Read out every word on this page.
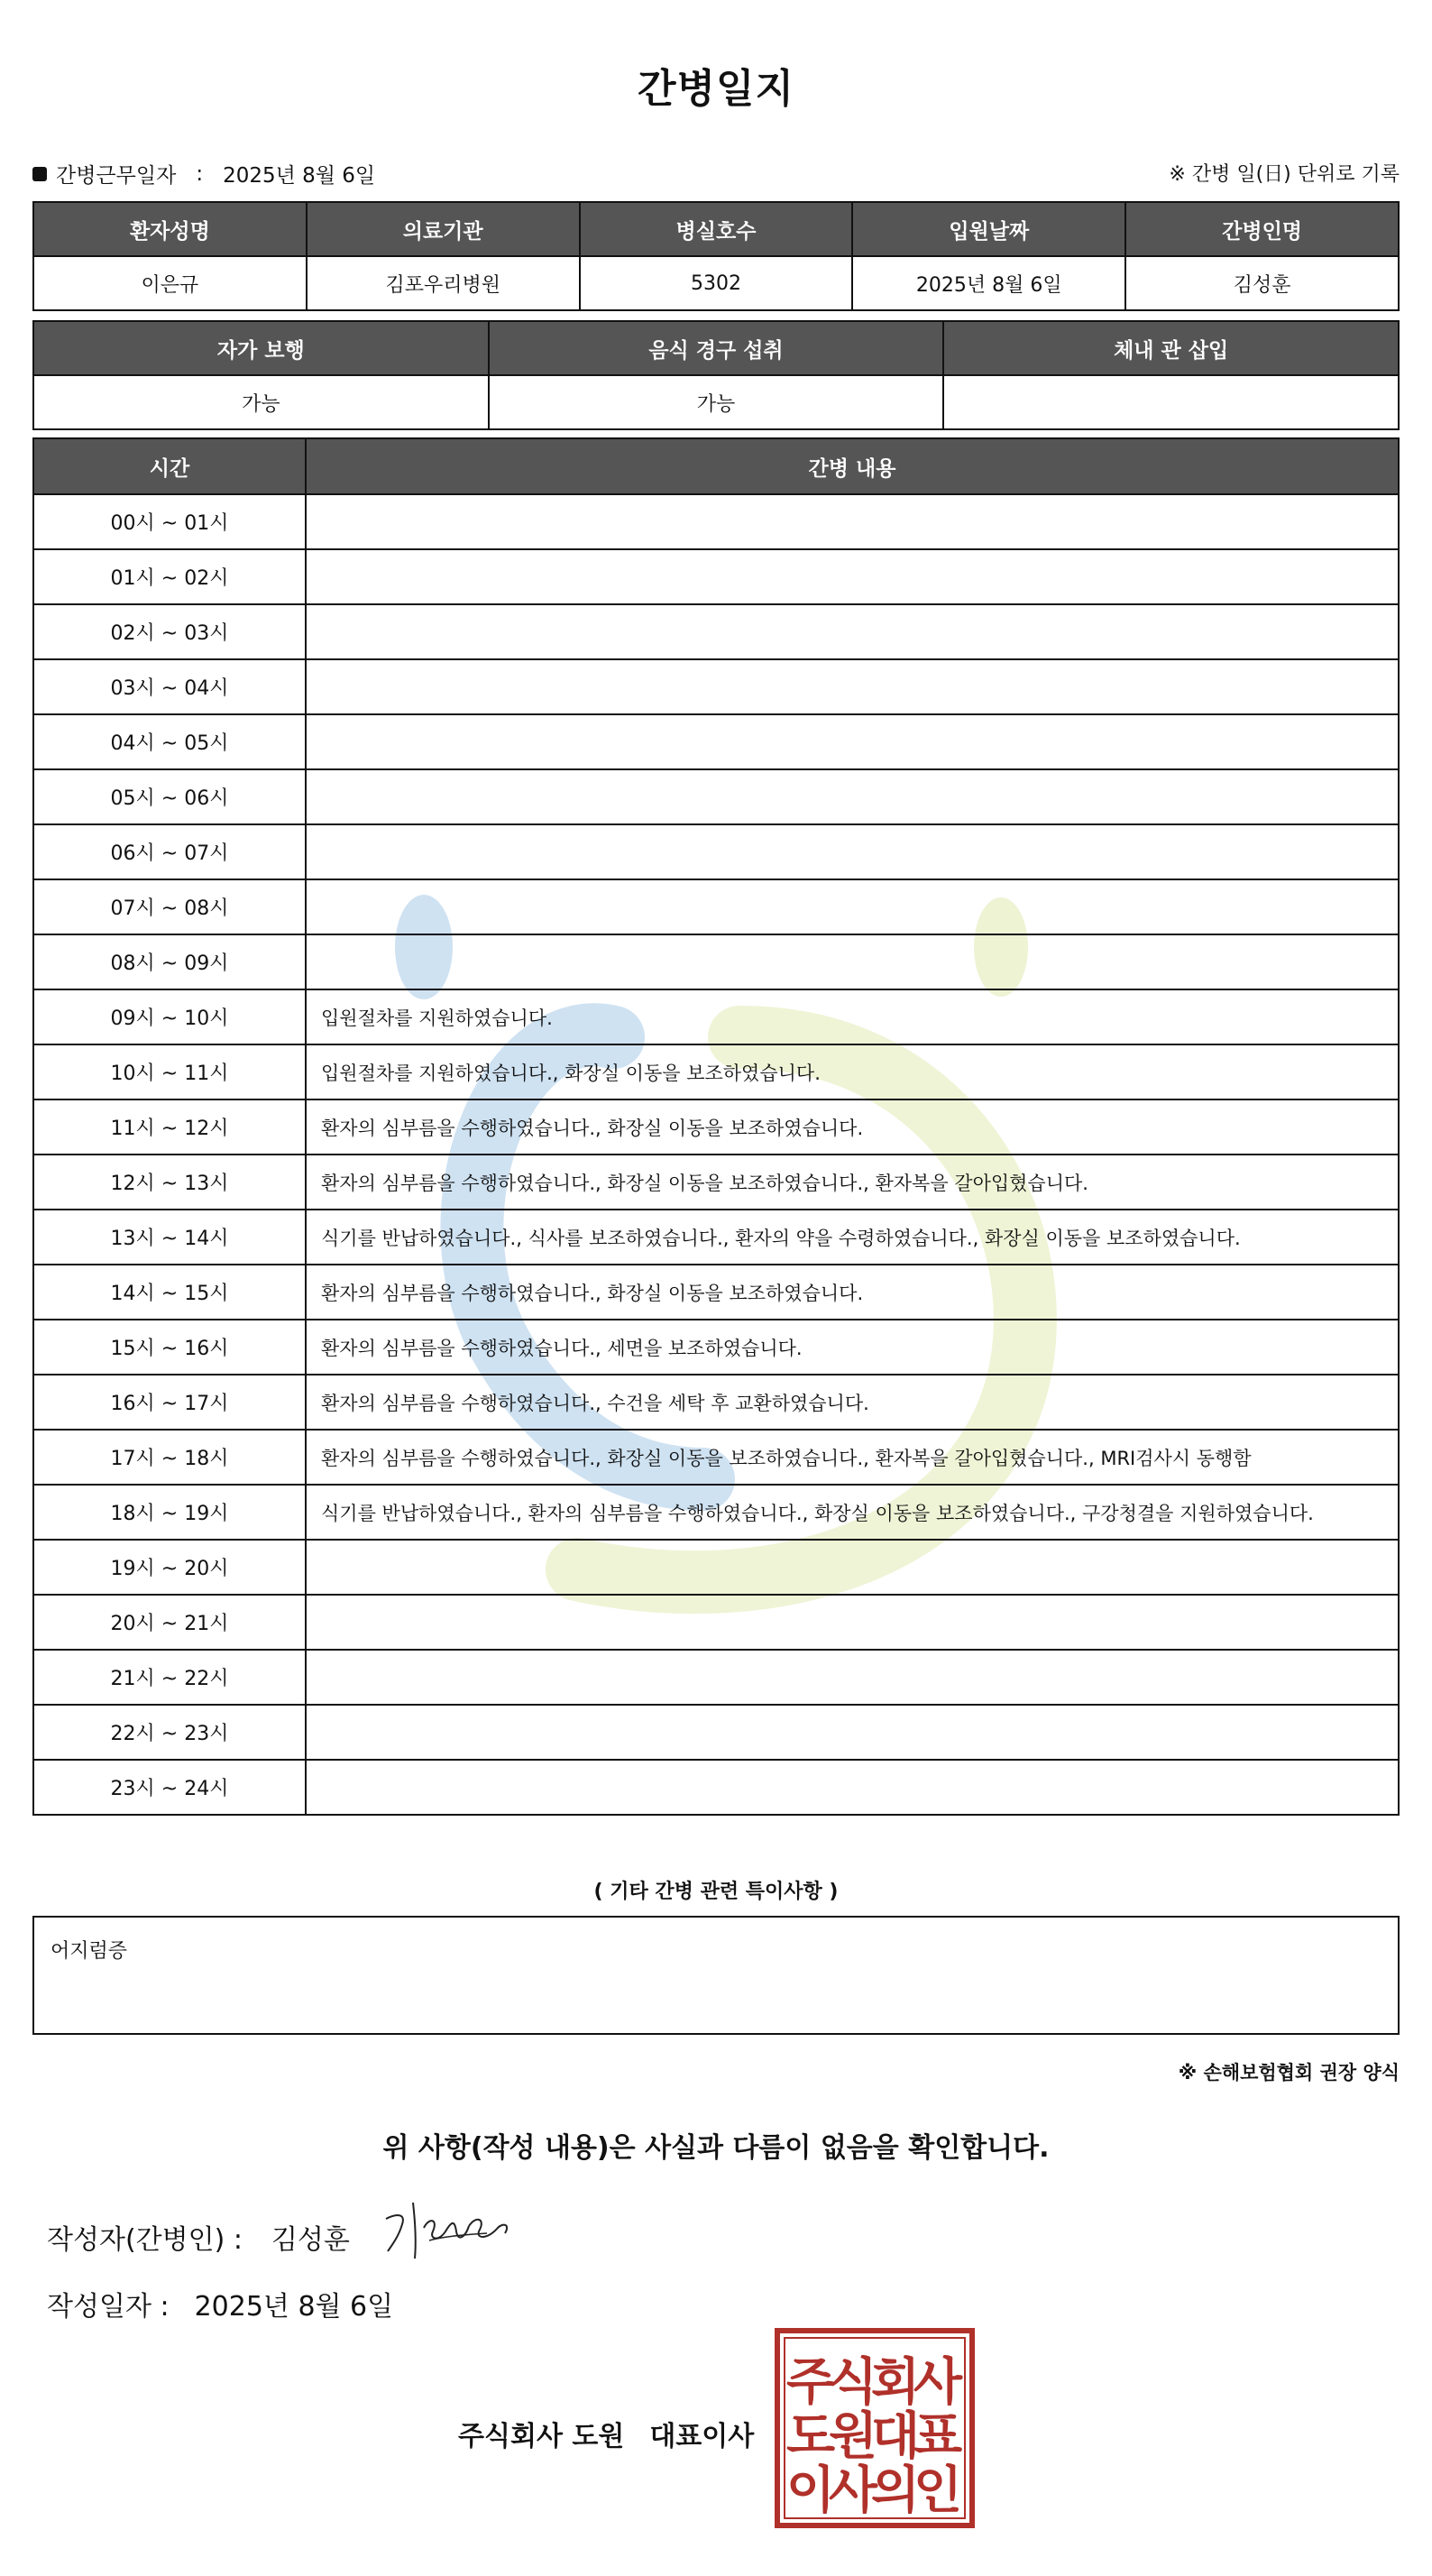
간병일지
간병근무일자 : 2025년 8월 6일	※ 간병 일(日) 단위로 기록
환자성명	의료기관	병실호수	입원날짜	간병인명
이은규	김포우리병원	5302	2025년 8월 6일	김성훈
자가 보행	음식 경구 섭취	체내 관 삽입
가능	가능	
시간	간병 내용
00시 ~ 01시	
01시 ~ 02시	
02시 ~ 03시	
03시 ~ 04시	
04시 ~ 05시	
05시 ~ 06시	
06시 ~ 07시	
07시 ~ 08시	
08시 ~ 09시	
09시 ~ 10시	입원절차를 지원하였습니다.
10시 ~ 11시	입원절차를 지원하였습니다., 화장실 이동을 보조하였습니다.
11시 ~ 12시	환자의 심부름을 수행하였습니다., 화장실 이동을 보조하였습니다.
12시 ~ 13시	환자의 심부름을 수행하였습니다., 화장실 이동을 보조하였습니다., 환자복을 갈아입혔습니다.
13시 ~ 14시	식기를 반납하였습니다., 식사를 보조하였습니다., 환자의 약을 수령하였습니다., 화장실 이동을 보조하였습니다.
14시 ~ 15시	환자의 심부름을 수행하였습니다., 화장실 이동을 보조하였습니다.
15시 ~ 16시	환자의 심부름을 수행하였습니다., 세면을 보조하였습니다.
16시 ~ 17시	환자의 심부름을 수행하였습니다., 수건을 세탁 후 교환하였습니다.
17시 ~ 18시	환자의 심부름을 수행하였습니다., 화장실 이동을 보조하였습니다., 환자복을 갈아입혔습니다., MRI검사시 동행함
18시 ~ 19시	식기를 반납하였습니다., 환자의 심부름을 수행하였습니다., 화장실 이동을 보조하였습니다., 구강청결을 지원하였습니다.
19시 ~ 20시	
20시 ~ 21시	
21시 ~ 22시	
22시 ~ 23시	
23시 ~ 24시	
( 기타 간병 관련 특이사항 )
어지럼증
※ 손해보험협회 권장 양식
위 사항(작성 내용)은 사실과 다름이 없음을 확인합니다.
작성자(간병인) : 김성훈
작성일자 : 2025년 8월 6일
주식회사 도원 대표이사
주
식
회
사
도
원
대
표
이
사
의
인
